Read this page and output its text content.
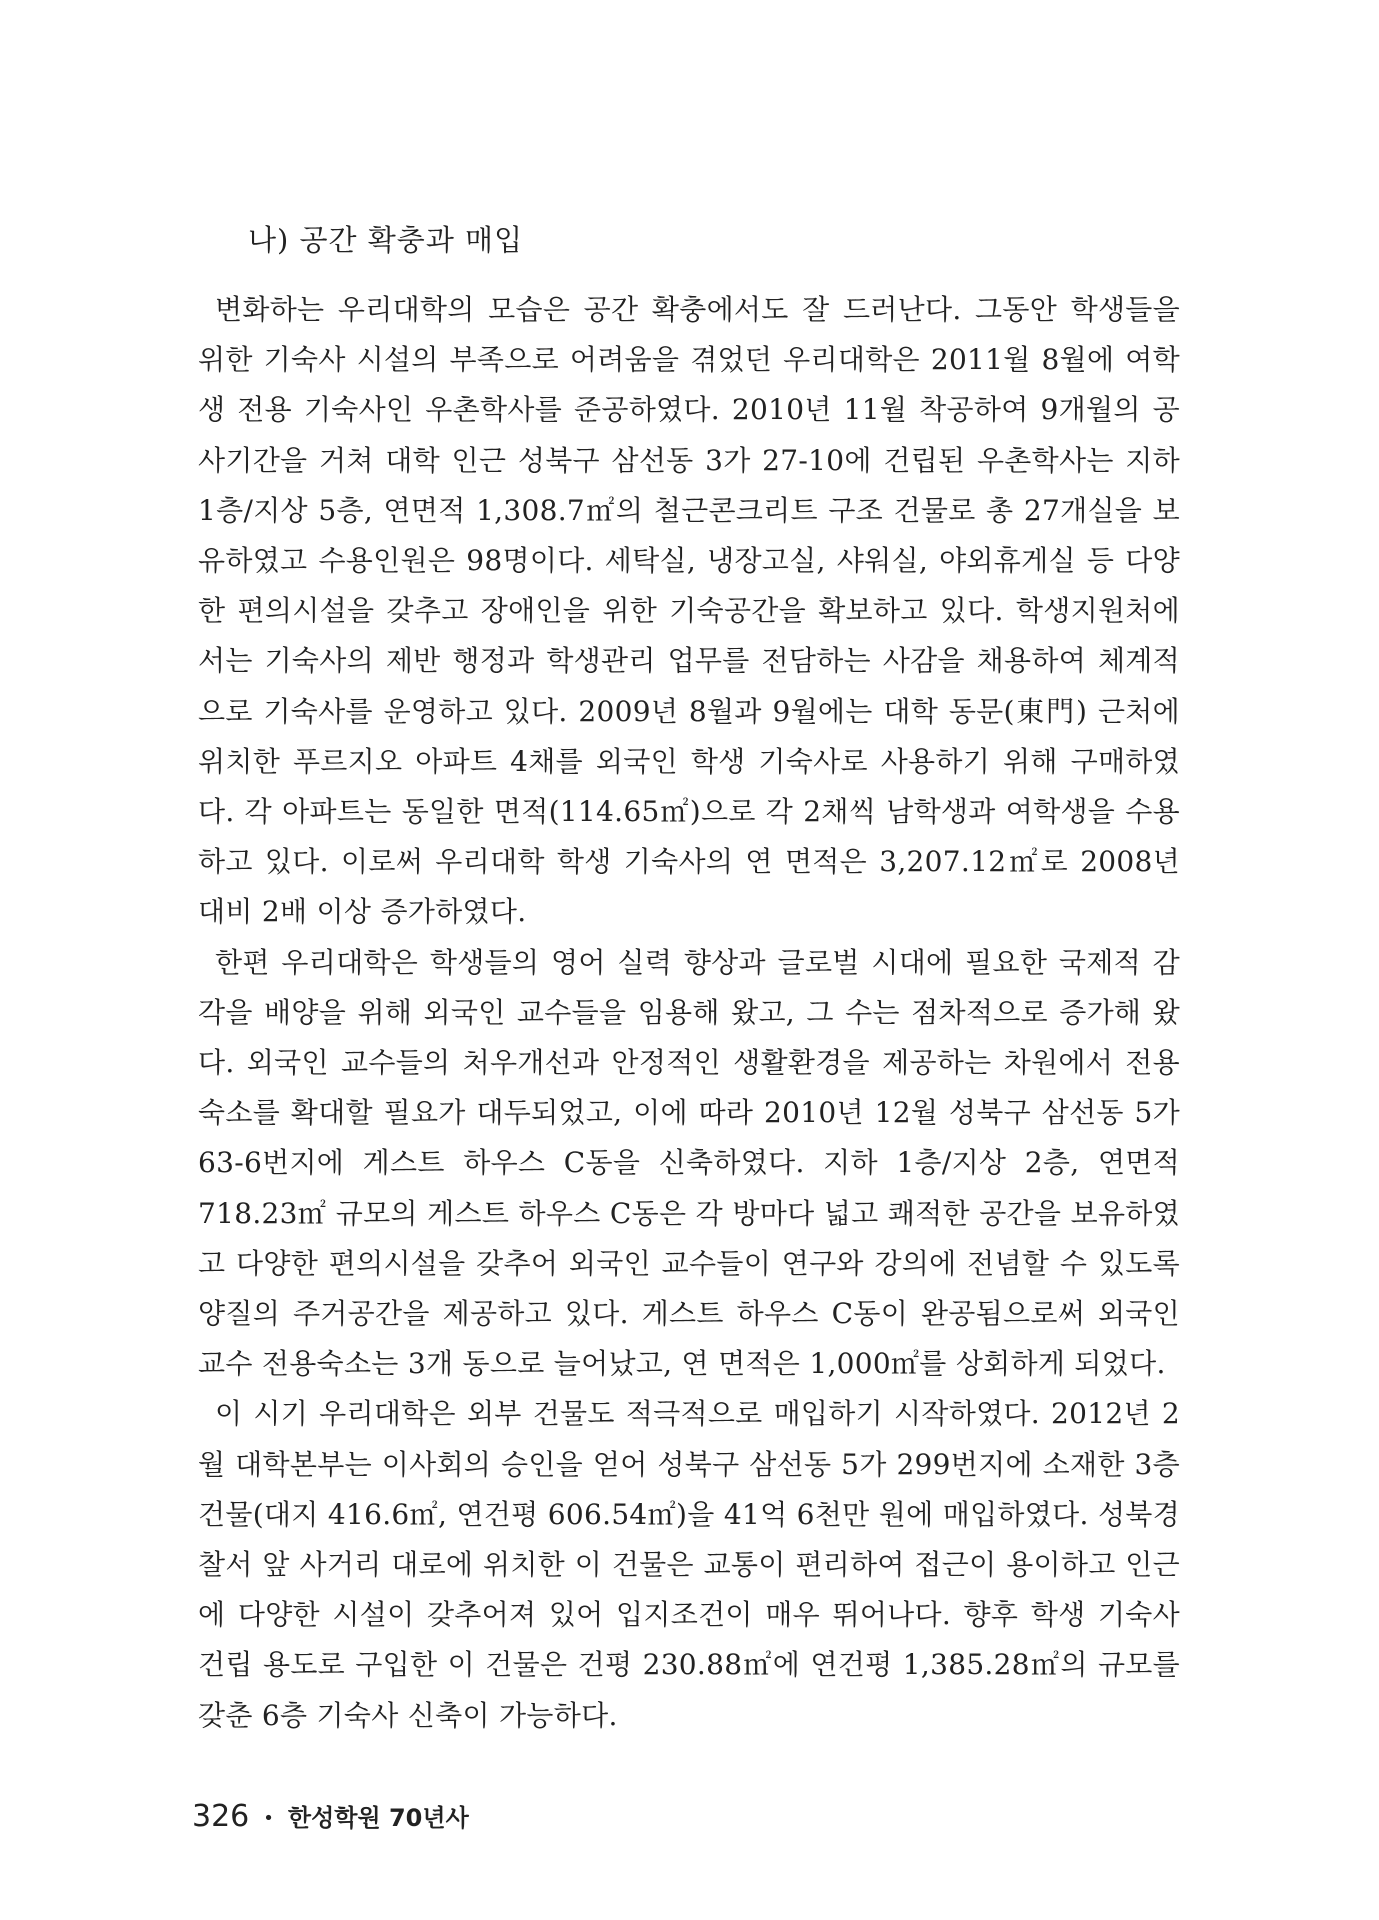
나) 공간 확충과 매입

변화하는 우리대학의 모습은 공간 확충에서도 잘 드러난다. 그동안 학생들을 위한 기숙사 시설의 부족으로 어려움을 겪었던 우리대학은 2011월 8월에 여학생 전용 기숙사인 우촌학사를 준공하였다. 2010년 11월 착공하여 9개월의 공사기간을 거쳐 대학 인근 성북구 삼선동 3가 27-10에 건립된 우촌학사는 지하 1층/지상 5층, 연면적 1,308.7㎡의 철근콘크리트 구조 건물로 총 27개실을 보유하였고 수용인원은 98명이다. 세탁실, 냉장고실, 샤워실, 야외휴게실 등 다양한 편의시설을 갖추고 장애인을 위한 기숙공간을 확보하고 있다. 학생지원처에서는 기숙사의 제반 행정과 학생관리 업무를 전담하는 사감을 채용하여 체계적으로 기숙사를 운영하고 있다. 2009년 8월과 9월에는 대학 동문(東門) 근처에 위치한 푸르지오 아파트 4채를 외국인 학생 기숙사로 사용하기 위해 구매하였다. 각 아파트는 동일한 면적(114.65㎡)으로 각 2채씩 남학생과 여학생을 수용하고 있다. 이로써 우리대학 학생 기숙사의 연 면적은 3,207.12㎡로 2008년 대비 2배 이상 증가하였다.

한편 우리대학은 학생들의 영어 실력 향상과 글로벌 시대에 필요한 국제적 감각을 배양을 위해 외국인 교수들을 임용해 왔고, 그 수는 점차적으로 증가해 왔다. 외국인 교수들의 처우개선과 안정적인 생활환경을 제공하는 차원에서 전용숙소를 확대할 필요가 대두되었고, 이에 따라 2010년 12월 성북구 삼선동 5가 63-6번지에 게스트 하우스 C동을 신축하였다. 지하 1층/지상 2층, 연면적 718.23㎡ 규모의 게스트 하우스 C동은 각 방마다 넓고 쾌적한 공간을 보유하였고 다양한 편의시설을 갖추어 외국인 교수들이 연구와 강의에 전념할 수 있도록 양질의 주거공간을 제공하고 있다. 게스트 하우스 C동이 완공됨으로써 외국인 교수 전용숙소는 3개 동으로 늘어났고, 연 면적은 1,000㎡를 상회하게 되었다.

이 시기 우리대학은 외부 건물도 적극적으로 매입하기 시작하였다. 2012년 2월 대학본부는 이사회의 승인을 얻어 성북구 삼선동 5가 299번지에 소재한 3층 건물(대지 416.6㎡, 연건평 606.54㎡)을 41억 6천만 원에 매입하였다. 성북경찰서 앞 사거리 대로에 위치한 이 건물은 교통이 편리하여 접근이 용이하고 인근에 다양한 시설이 갖추어져 있어 입지조건이 매우 뛰어나다. 향후 학생 기숙사 건립 용도로 구입한 이 건물은 건평 230.88㎡에 연건평 1,385.28㎡의 규모를 갖춘 6층 기숙사 신축이 가능하다.

326 • 한성학원 70년사
